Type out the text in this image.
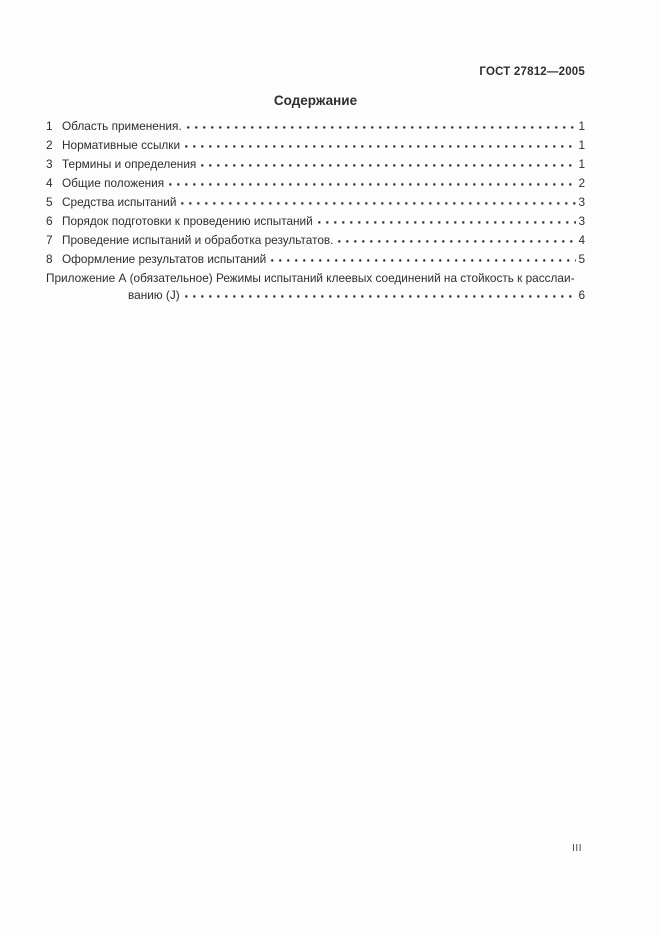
ГОСТ 27812—2005
Содержание
1 Область применения.	1
2 Нормативные ссылки	1
3 Термины и определения	1
4 Общие положения	2
5 Средства испытаний	3
6 Порядок подготовки к проведению испытаний	3
7 Проведение испытаний и обработка результатов.	4
8 Оформление результатов испытаний	5
Приложение А (обязательное) Режимы испытаний клеевых соединений на стойкость к расслаи-
ванию (J)	6
III
